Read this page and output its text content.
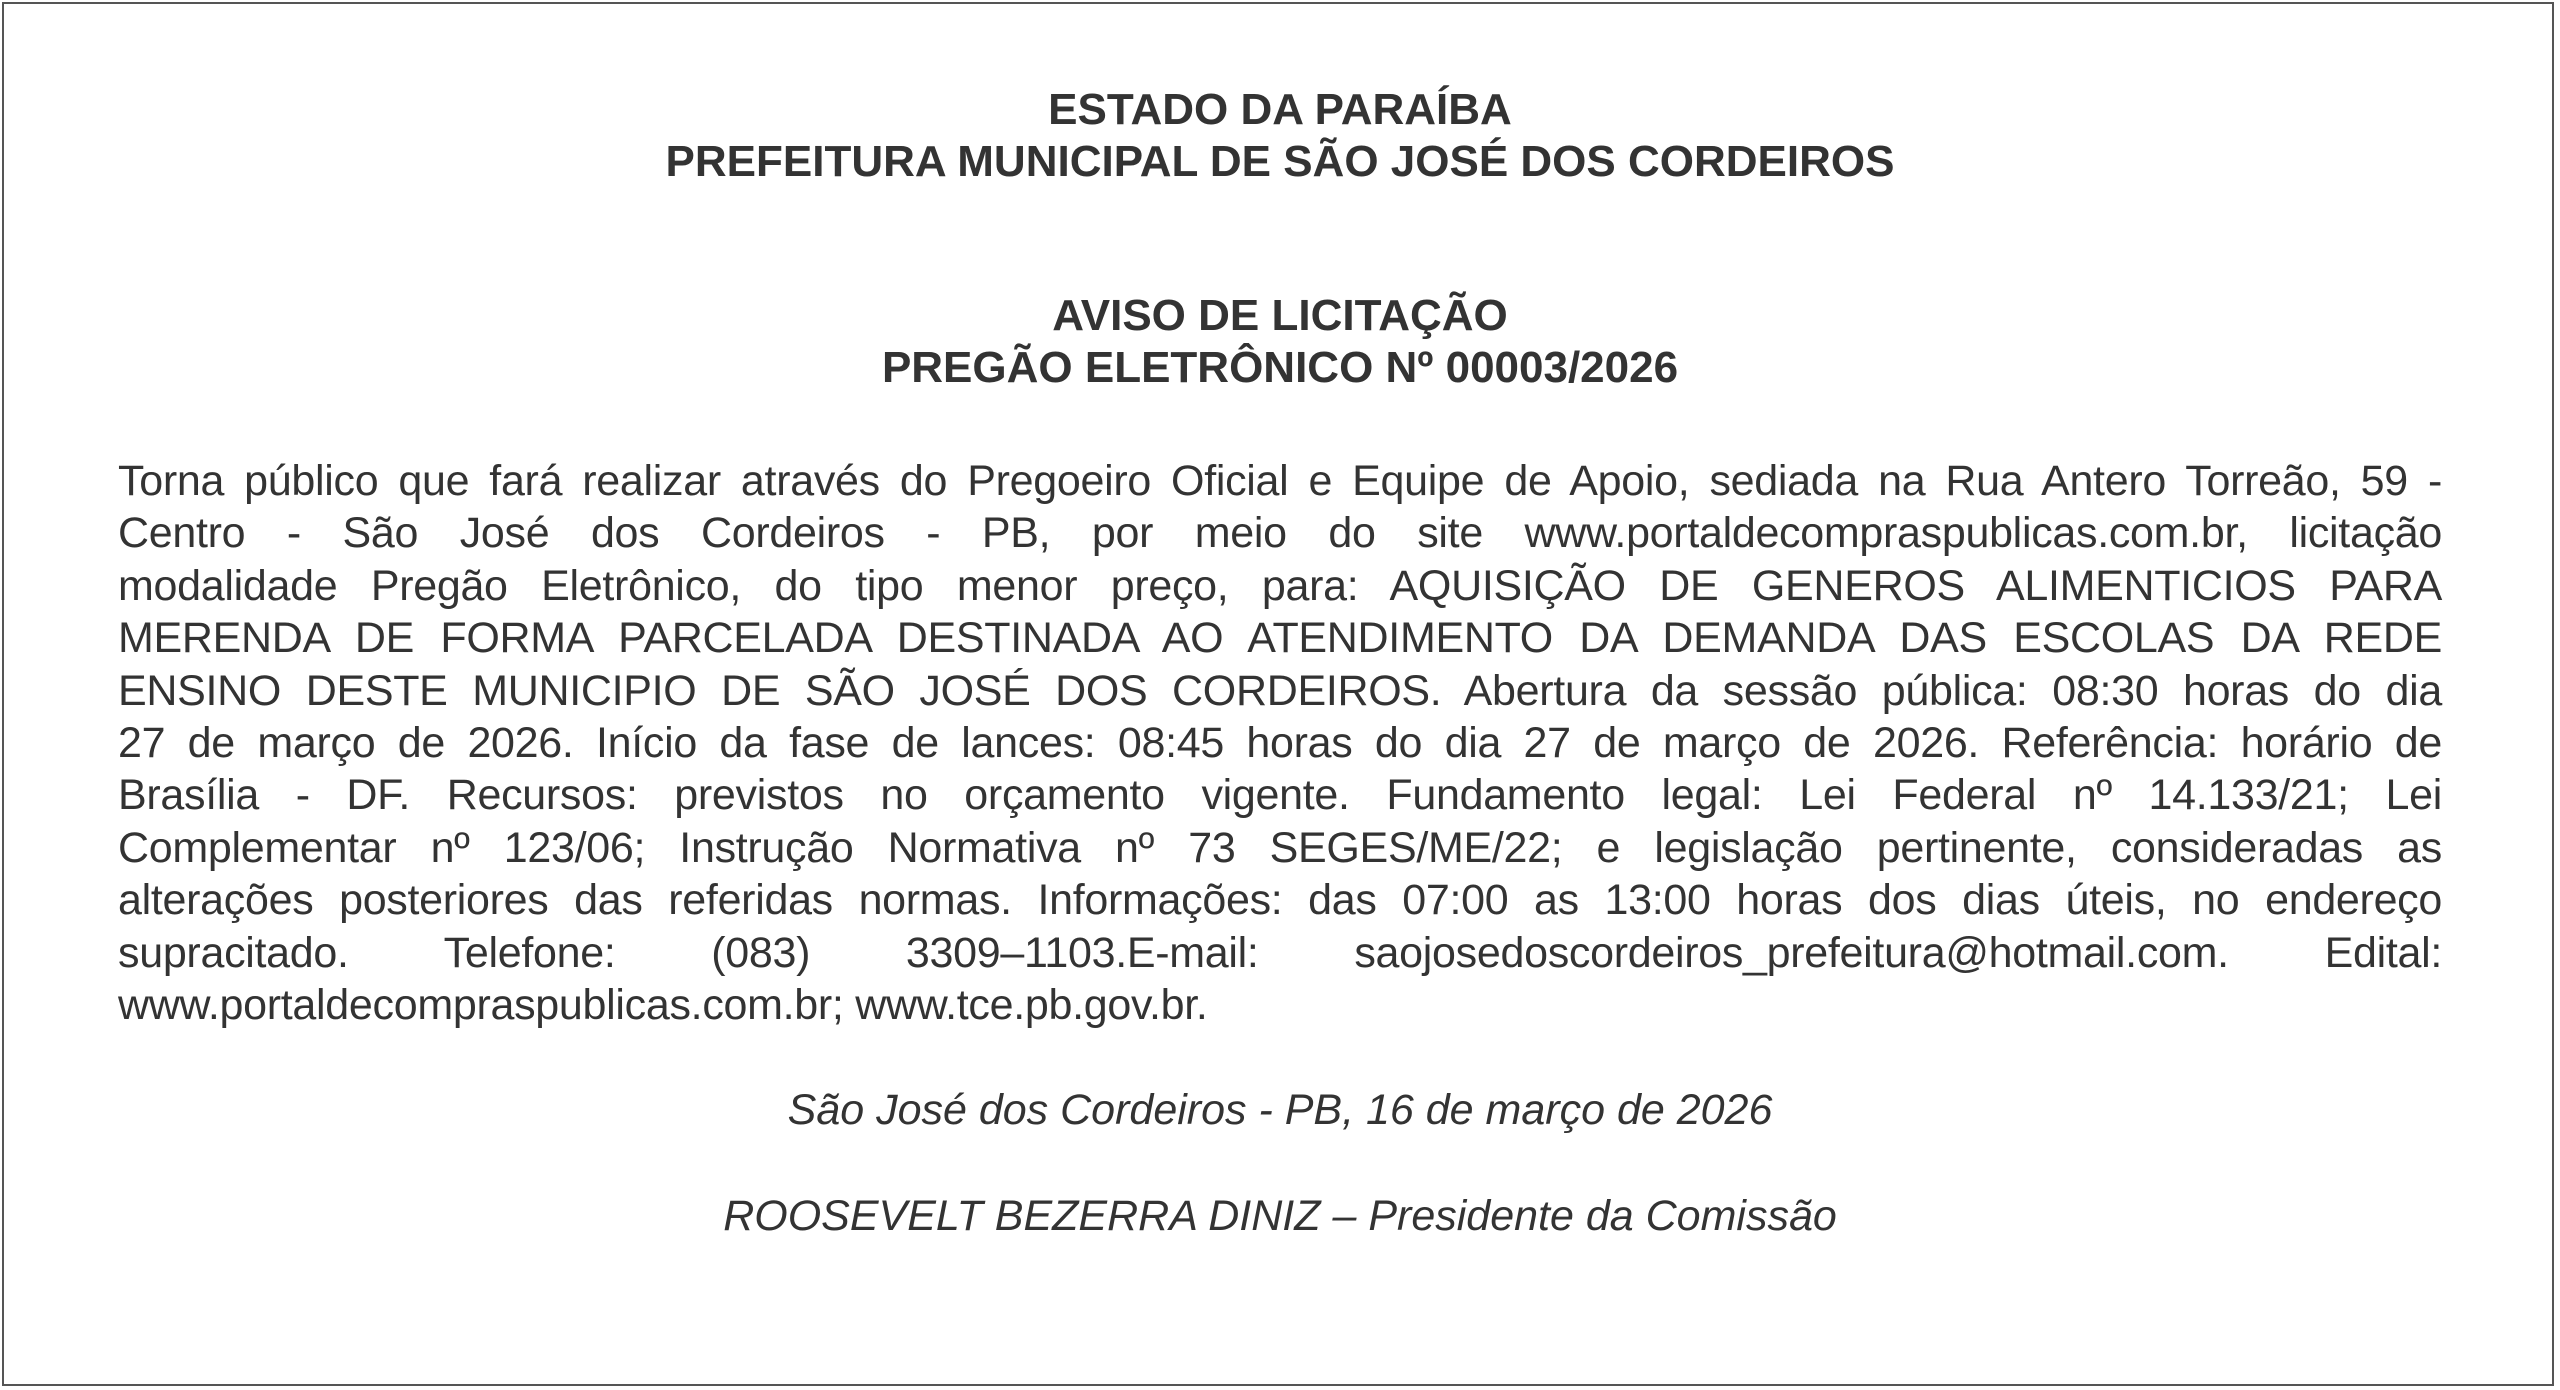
ESTADO DA PARAÍBA
PREFEITURA MUNICIPAL DE SÃO JOSÉ DOS CORDEIROS
AVISO DE LICITAÇÃO
PREGÃO ELETRÔNICO Nº 00003/2026
Torna público que fará realizar através do Pregoeiro Oficial e Equipe de Apoio, sediada na Rua Antero Torreão, 59 -
Centro - São José dos Cordeiros - PB, por meio do site www.portaldecompraspublicas.com.br, licitação
modalidade Pregão Eletrônico, do tipo menor preço, para: AQUISIÇÃO DE GENEROS ALIMENTICIOS PARA
MERENDA DE FORMA PARCELADA DESTINADA AO ATENDIMENTO DA DEMANDA DAS ESCOLAS DA REDE
ENSINO DESTE MUNICIPIO DE SÃO JOSÉ DOS CORDEIROS. Abertura da sessão pública: 08:30 horas do dia
27 de março de 2026. Início da fase de lances: 08:45 horas do dia 27 de março de 2026. Referência: horário de
Brasília - DF. Recursos: previstos no orçamento vigente. Fundamento legal: Lei Federal nº 14.133/21; Lei
Complementar nº 123/06; Instrução Normativa nº 73 SEGES/ME/22; e legislação pertinente, consideradas as
alterações posteriores das referidas normas. Informações: das 07:00 as 13:00 horas dos dias úteis, no endereço
supracitado. Telefone: (083) 3309–1103.E-mail: saojosedoscordeiros_prefeitura@hotmail.com. Edital:
www.portaldecompraspublicas.com.br; www.tce.pb.gov.br.
São José dos Cordeiros - PB, 16 de março de 2026
ROOSEVELT BEZERRA DINIZ – Presidente da Comissão
